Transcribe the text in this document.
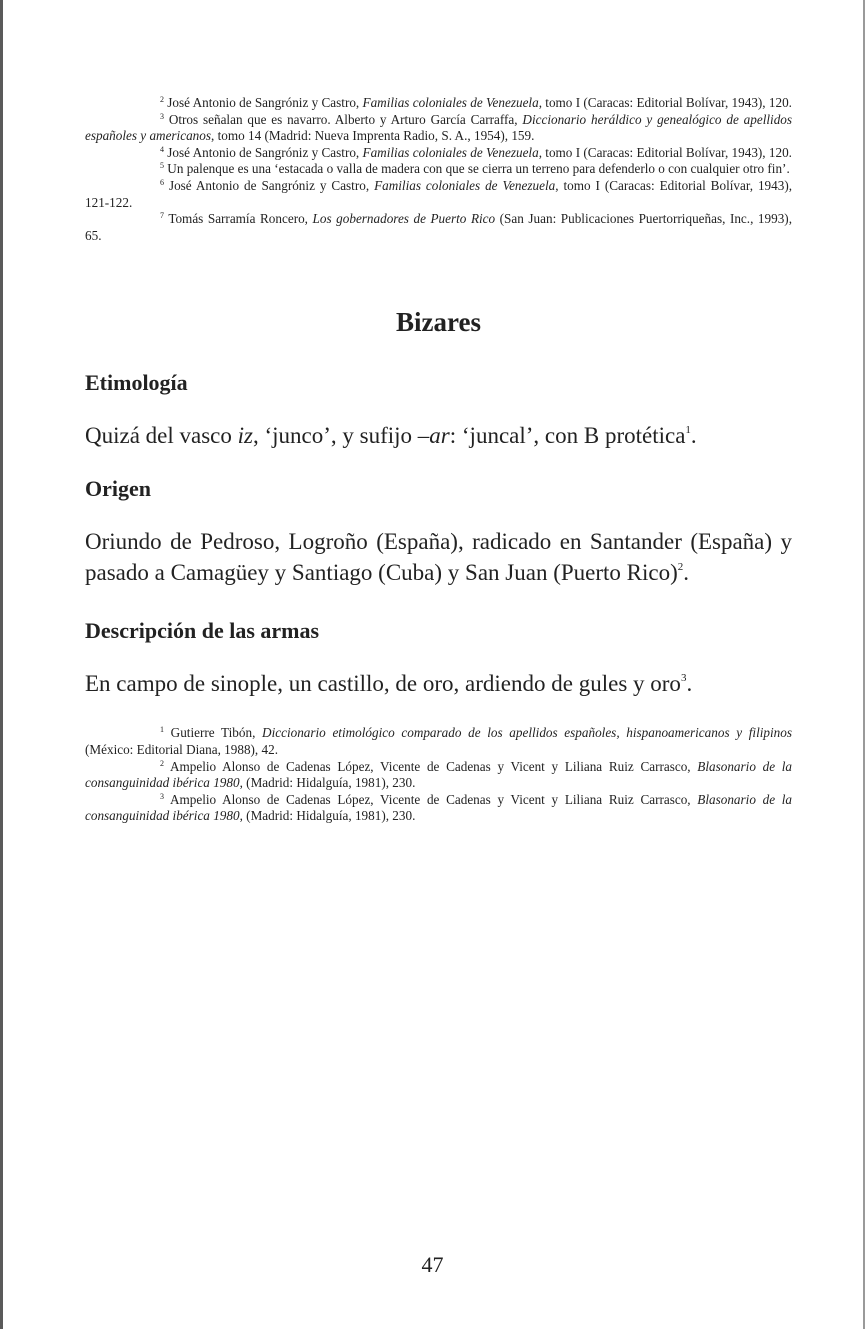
$^2$ José Antonio de Sangróniz y Castro, Familias coloniales de Venezuela, tomo I (Caracas: Editorial Bolívar, 1943), 120.

$^3$ Otros señalan que es navarro. Alberto y Arturo García Carraffa, Diccionario heráldico y genealógico de apellidos españoles y americanos, tomo 14 (Madrid: Nueva Imprenta Radio, S. A., 1954), 159.

$^4$ José Antonio de Sangróniz y Castro, Familias coloniales de Venezuela, tomo I (Caracas: Editorial Bolívar, 1943), 120.

$^5$ Un palenque es una ‘estacada o valla de madera con que se cierra un terreno para defenderlo o con cualquier otro fin’.

$^6$ José Antonio de Sangróniz y Castro, Familias coloniales de Venezuela, tomo I (Caracas: Editorial Bolívar, 1943), 121-122.

$^7$ Tomás Sarramía Roncero, Los gobernadores de Puerto Rico (San Juan: Publicaciones Puertorriqueñas, Inc., 1993), 65.

Bizares
Etimología

Quizá del vasco iz, ‘junco’, y sufijo –ar: ‘juncal’, con B protética$^1$.

Origen

Oriundo de Pedroso, Logroño (España), radicado en Santander (España) y pasado a Camagüey y Santiago (Cuba) y San Juan (Puerto Rico)$^2$.

Descripción de las armas

En campo de sinople, un castillo, de oro, ardiendo de gules y oro$^3$.

$^1$ Gutierre Tibón, Diccionario etimológico comparado de los apellidos españoles, hispanoamericanos y filipinos (México: Editorial Diana, 1988), 42.

$^2$ Ampelio Alonso de Cadenas López, Vicente de Cadenas y Vicent y Liliana Ruiz Carrasco, Blasonario de la consanguinidad ibérica 1980, (Madrid: Hidalguía, 1981), 230.

$^3$ Ampelio Alonso de Cadenas López, Vicente de Cadenas y Vicent y Liliana Ruiz Carrasco, Blasonario de la consanguinidad ibérica 1980, (Madrid: Hidalguía, 1981), 230.

47
